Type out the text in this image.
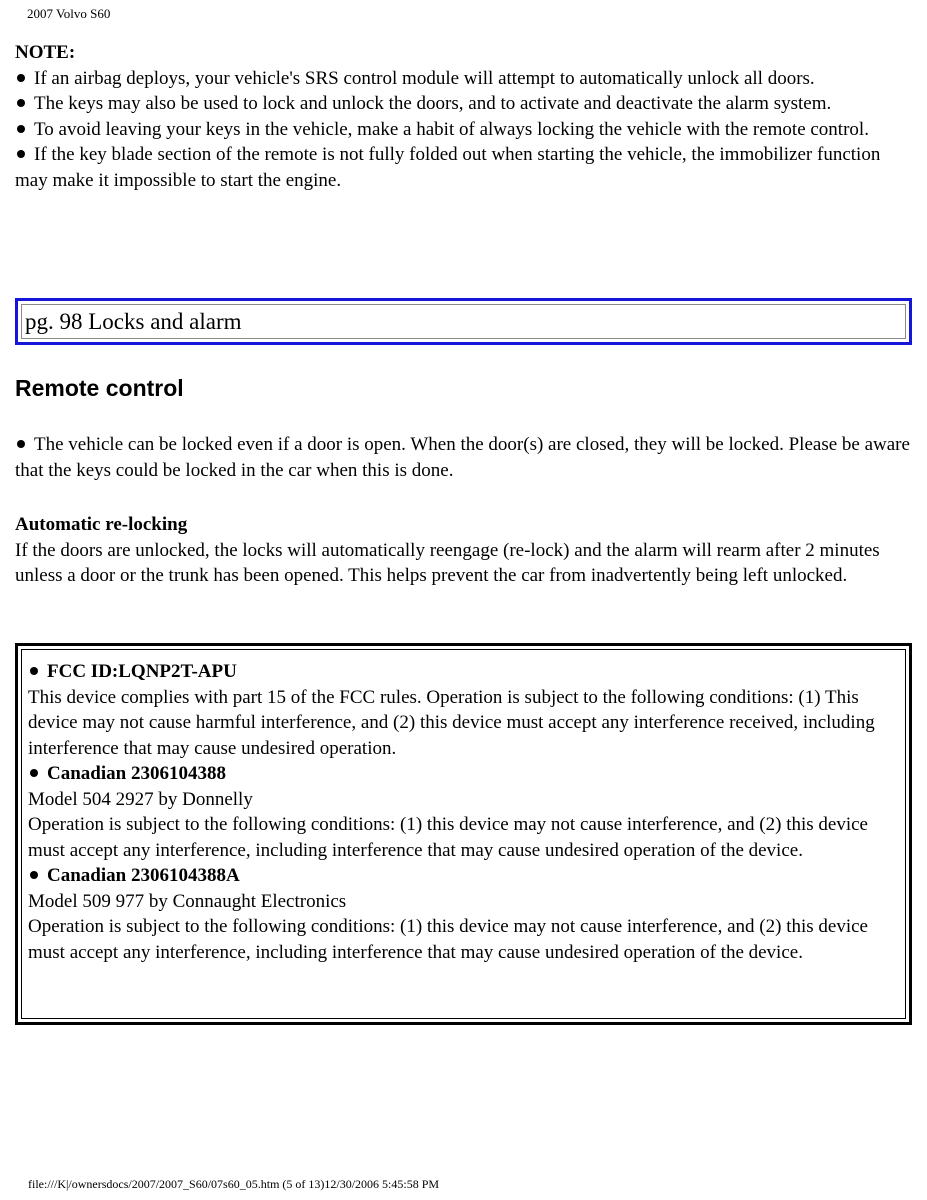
2007 Volvo S60
NOTE:
If an airbag deploys, your vehicle's SRS control module will attempt to automatically unlock all doors.
The keys may also be used to lock and unlock the doors, and to activate and deactivate the alarm system.
To avoid leaving your keys in the vehicle, make a habit of always locking the vehicle with the remote control.
If the key blade section of the remote is not fully folded out when starting the vehicle, the immobilizer function may make it impossible to start the engine.
pg. 98 Locks and alarm
Remote control
The vehicle can be locked even if a door is open. When the door(s) are closed, they will be locked. Please be aware that the keys could be locked in the car when this is done.
Automatic re-locking
If the doors are unlocked, the locks will automatically reengage (re-lock) and the alarm will rearm after 2 minutes unless a door or the trunk has been opened. This helps prevent the car from inadvertently being left unlocked.
FCC ID:LQNP2T-APU
This device complies with part 15 of the FCC rules. Operation is subject to the following conditions: (1) This device may not cause harmful interference, and (2) this device must accept any interference received, including interference that may cause undesired operation.
Canadian 2306104388
Model 504 2927 by Donnelly
Operation is subject to the following conditions: (1) this device may not cause interference, and (2) this device must accept any interference, including interference that may cause undesired operation of the device.
Canadian 2306104388A
Model 509 977 by Connaught Electronics
Operation is subject to the following conditions: (1) this device may not cause interference, and (2) this device must accept any interference, including interference that may cause undesired operation of the device.
file:///K|/ownersdocs/2007/2007_S60/07s60_05.htm (5 of 13)12/30/2006 5:45:58 PM
